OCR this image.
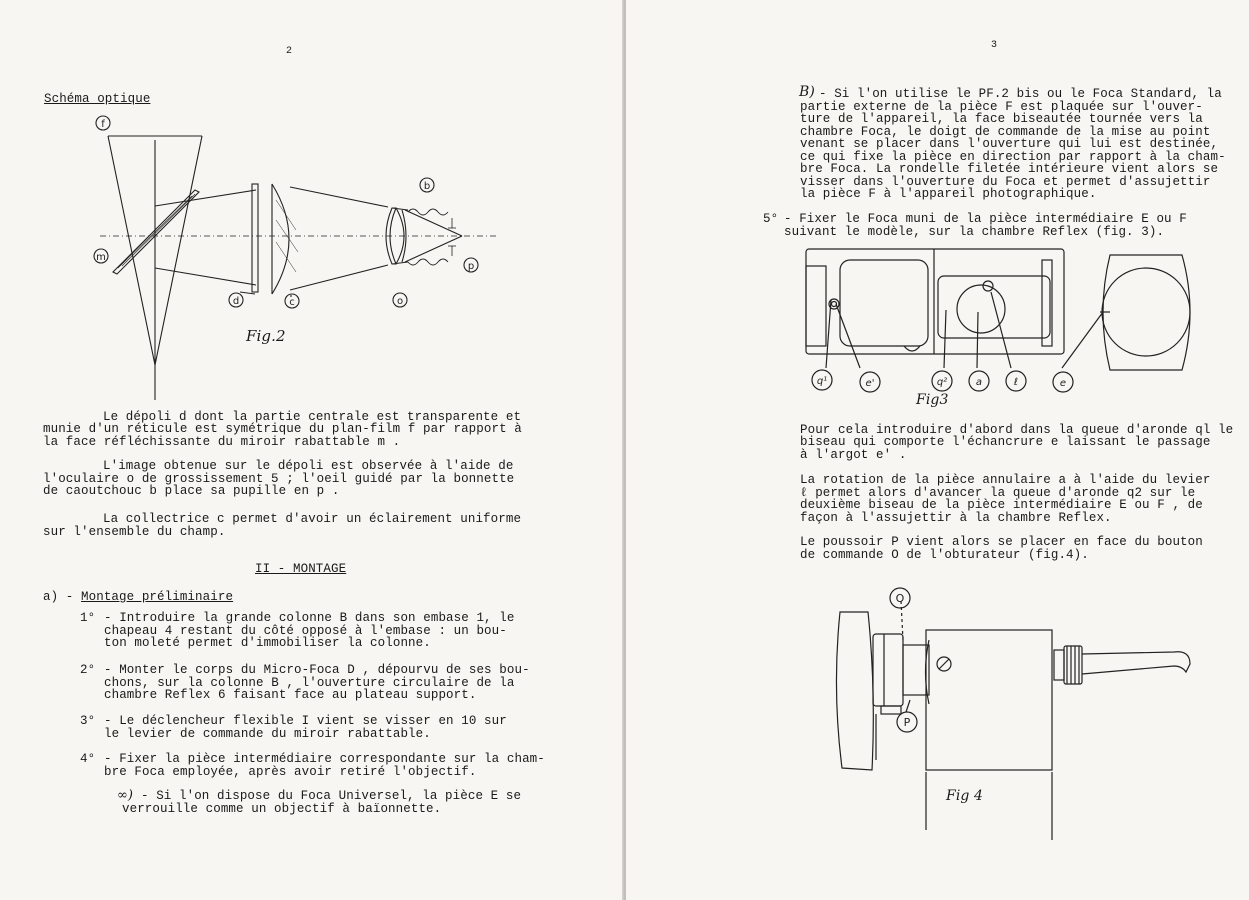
2
Schéma optique
f
m
d	c
b
o
p
Fig.2
Le dépoli d dont la partie centrale est transparente et
munie d'un réticule est symétrique du plan-film f par rapport à
la face réfléchissante du miroir rabattable m .
L'image obtenue sur le dépoli est observée à l'aide de
l'oculaire o de grossissement 5 ; l'oeil guidé par la bonnette
de caoutchouc b place sa pupille en p .
La collectrice c permet d'avoir un éclairement uniforme
sur l'ensemble du champ.
II - MONTAGE
a) - Montage préliminaire
1° - Introduire la grande colonne B dans son embase 1, le
chapeau 4 restant du côté opposé à l'embase : un bou-
ton moleté permet d'immobiliser la colonne.
2° - Monter le corps du Micro-Foca D , dépourvu de ses bou-
chons, sur la colonne B , l'ouverture circulaire de la
chambre Reflex 6 faisant face au plateau support.
3° - Le déclencheur flexible I vient se visser en 10 sur
le levier de commande du miroir rabattable.
4° - Fixer la pièce intermédiaire correspondante sur la cham-
bre Foca employée, après avoir retiré l'objectif.
∞) - Si l'on dispose du Foca Universel, la pièce E se
verrouille comme un objectif à baïonnette.
3
B) - Si l'on utilise le PF.2 bis ou le Foca Standard, la
partie externe de la pièce F est plaquée sur l'ouver-
ture de l'appareil, la face biseautée tournée vers la
chambre Foca, le doigt de commande de la mise au point
venant se placer dans l'ouverture qui lui est destinée,
ce qui fixe la pièce en direction par rapport à la cham-
bre Foca. La rondelle filetée intérieure vient alors se
visser dans l'ouverture du Foca et permet d'assujettir
la pièce F à l'appareil photographique.
5° - Fixer le Foca muni de la pièce intermédiaire E ou F
suivant le modèle, sur la chambre Reflex (fig. 3).
q¹	e'	q²	a	ℓ	e
Fig3
Pour cela introduire d'abord dans la queue d'aronde ql le
biseau qui comporte l'échancrure e laissant le passage
à l'argot e' .
La rotation de la pièce annulaire a à l'aide du levier
ℓ permet alors d'avancer la queue d'aronde q2 sur le
deuxième biseau de la pièce intermédiaire E ou F , de
façon à l'assujettir à la chambre Reflex.
Le poussoir P vient alors se placer en face du bouton
de commande O de l'obturateur (fig.4).
O
P
Fig 4
